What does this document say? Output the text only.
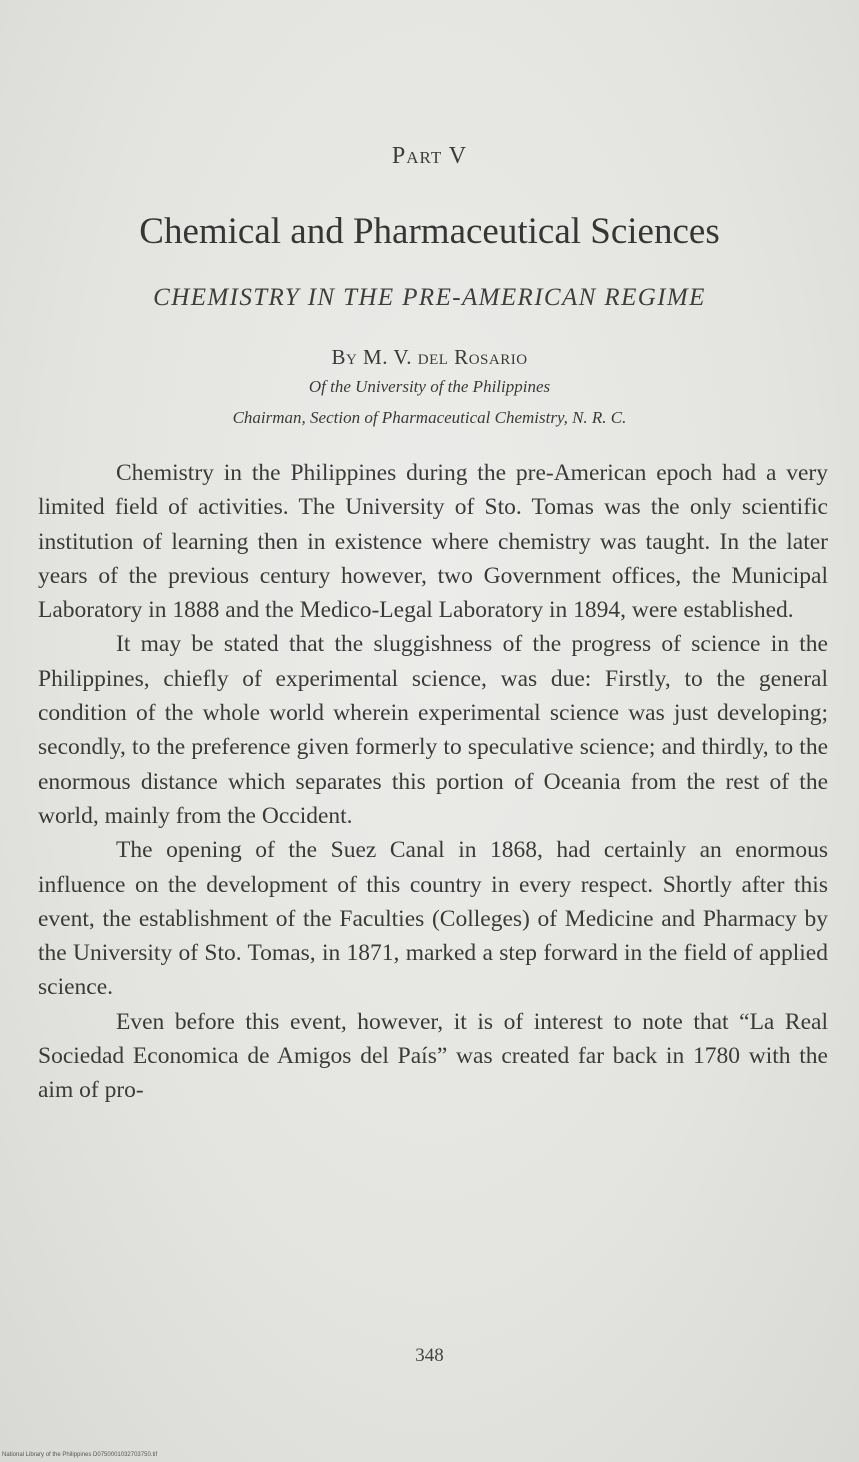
Part V
Chemical and Pharmaceutical Sciences
CHEMISTRY IN THE PRE-AMERICAN REGIME
By M. V. del Rosario
Of the University of the Philippines
Chairman, Section of Pharmaceutical Chemistry, N. R. C.

Chemistry in the Philippines during the pre-American epoch had a very limited field of activities. The University of Sto. Tomas was the only scientific institution of learning then in existence where chemistry was taught. In the later years of the previous century however, two Government offices, the Municipal Laboratory in 1888 and the Medico-Legal Laboratory in 1894, were established.

It may be stated that the sluggishness of the progress of science in the Philippines, chiefly of experimental science, was due: Firstly, to the general condition of the whole world wherein experimental science was just developing; secondly, to the preference given formerly to speculative science; and thirdly, to the enormous distance which separates this portion of Oceania from the rest of the world, mainly from the Occident.

The opening of the Suez Canal in 1868, had certainly an enormous influence on the development of this country in every respect. Shortly after this event, the establishment of the Faculties (Colleges) of Medicine and Pharmacy by the University of Sto. Tomas, in 1871, marked a step forward in the field of applied science.

Even before this event, however, it is of interest to note that “La Real Sociedad Economica de Amigos del País” was created far back in 1780 with the aim of pro-

348
National Library of the Philippines D0750001032703750.tif
